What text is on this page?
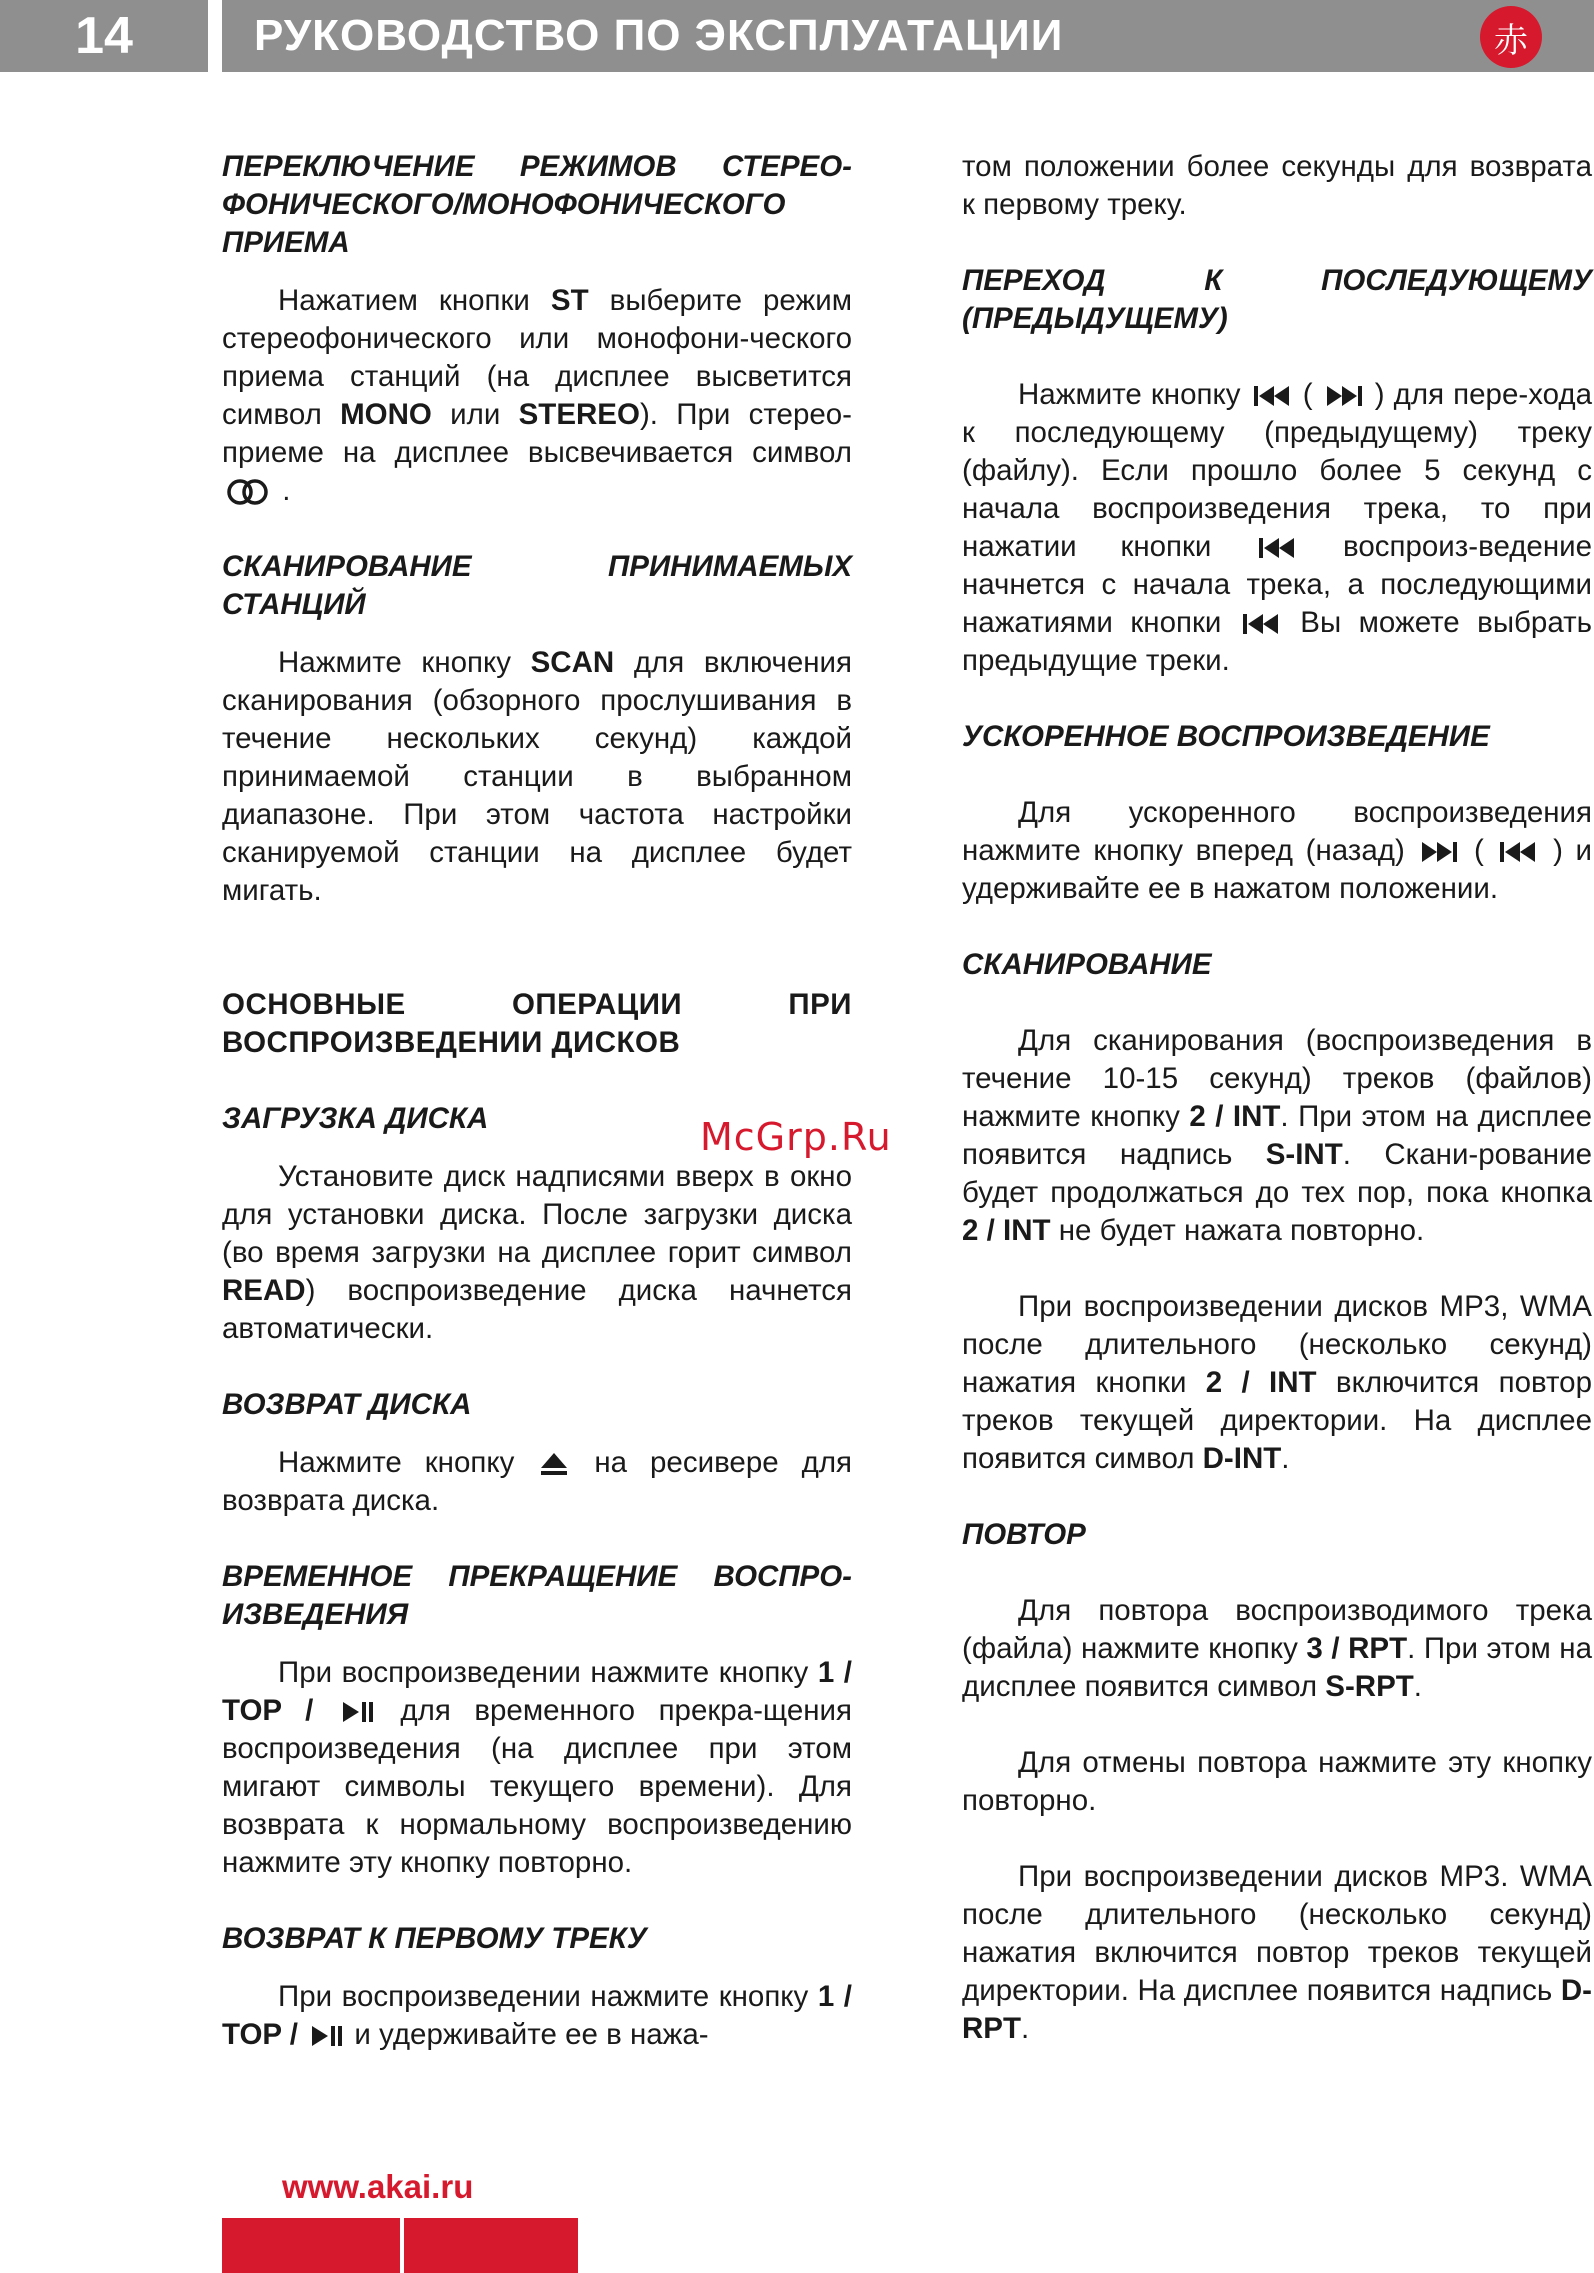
14	РУКОВОДСТВО ПО ЭКСПЛУАТАЦИИ	赤
ПЕРЕКЛЮЧЕНИЕ РЕЖИМОВ СТЕРЕО-ФОНИЧЕСКОГО/МОНОФОНИЧЕСКОГО ПРИЕМА

Нажатием кнопки ST выберите режим стереофонического или монофони-ческого приема станций (на дисплее высветится символ MONO или STEREO). При стерео-приеме на дисплее высвечивается символ  .

СКАНИРОВАНИЕ ПРИНИМАЕМЫХ СТАНЦИЙ

Нажмите кнопку SCAN для включения сканирования (обзорного прослушивания в течение нескольких секунд) каждой принимаемой станции в выбранном диапазоне. При этом частота настройки сканируемой станции на дисплее будет мигать.

ОСНОВНЫЕ ОПЕРАЦИИ ПРИ ВОСПРОИЗВЕДЕНИИ ДИСКОВ
ЗАГРУЗКА ДИСКА

Установите диск надписями вверх в окно для установки диска. После загрузки диска (во время загрузки на дисплее горит символ READ) воспроизведение диска начнется автоматически.

ВОЗВРАТ ДИСКА

Нажмите кнопку  на ресивере для возврата диска.

ВРЕМЕННОЕ ПРЕКРАЩЕНИЕ ВОСПРО-ИЗВЕДЕНИЯ

При воспроизведении нажмите кнопку 1 / TOP /  для временного прекра-щения воспроизведения (на дисплее при этом мигают символы текущего времени). Для возврата к нормальному воспроизведению нажмите эту кнопку повторно.

ВОЗВРАТ К ПЕРВОМУ ТРЕКУ

При воспроизведении нажмите кнопку 1 / TOP /  и удерживайте ее в нажа-

McGrp.Ru

том положении более секунды для возврата к первому треку.

ПЕРЕХОД К ПОСЛЕДУЮЩЕМУ (ПРЕДЫДУЩЕМУ)

Нажмите кнопку  (  ) для пере-хода к последующему (предыдущему) треку (файлу). Если прошло более 5 секунд с начала воспроизведения трека, то при нажатии кнопки	воспроиз-ведение начнется с начала трека, а последующими нажатиями кнопки  Вы можете выбрать предыдущие треки.

УСКОРЕННОЕ ВОСПРОИЗВЕДЕНИЕ

Для ускоренного воспроизведения нажмите кнопку вперед (назад)  (  ) и удерживайте ее в нажатом положении.

СКАНИРОВАНИЕ

Для сканирования (воспроизведения в течение 10-15 секунд) треков (файлов) нажмите кнопку 2 / INT. При этом на дисплее появится надпись S-INT. Скани-рование будет продолжаться до тех пор, пока кнопка 2 / INT не будет нажата повторно.

При воспроизведении дисков MP3, WMA после длительного (несколько секунд) нажатия кнопки 2 / INT включится повтор треков текущей директории. На дисплее появится символ D-INT.

ПОВТОР

Для повтора воспроизводимого трека (файла) нажмите кнопку 3 / RPT. При этом на дисплее появится символ S-RPT.

Для отмены повтора нажмите эту кнопку повторно.

При воспроизведении дисков MP3. WMA после длительного (несколько секунд) нажатия включится повтор треков текущей директории. На дисплее появится надпись D-RPT.

www.akai.ru
